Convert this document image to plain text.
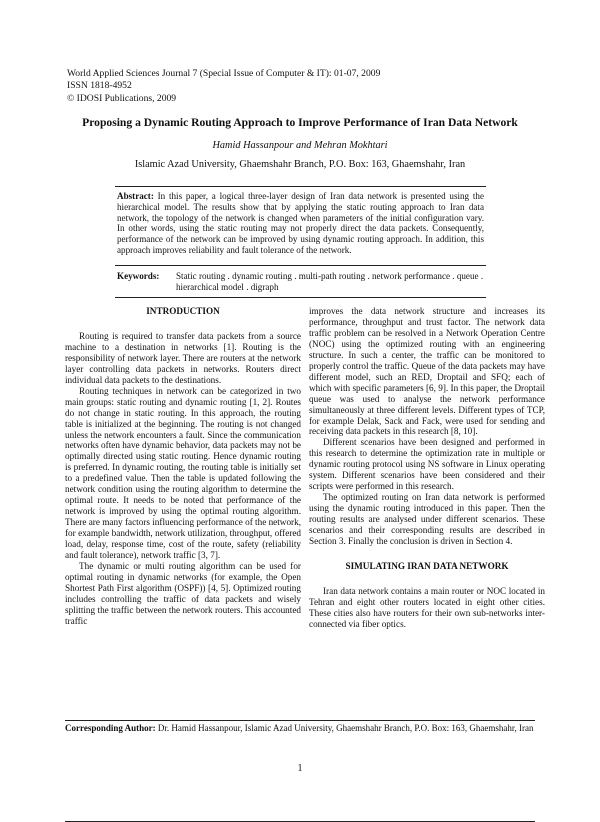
World Applied Sciences Journal 7 (Special Issue of Computer & IT): 01-07, 2009
ISSN 1818-4952
© IDOSI Publications, 2009
Proposing a Dynamic Routing Approach to Improve Performance of Iran Data Network
Hamid Hassanpour and Mehran Mokhtari
Islamic Azad University, Ghaemshahr Branch, P.O. Box: 163, Ghaemshahr, Iran
Abstract: In this paper, a logical three-layer design of Iran data network is presented using the hierarchical model. The results show that by applying the static routing approach to Iran data network, the topology of the network is changed when parameters of the initial configuration vary. In other words, using the static routing may not properly direct the data packets. Consequently, performance of the network can be improved by using dynamic routing approach. In addition, this approach improves reliability and fault tolerance of the network.
Keywords: Static routing . dynamic routing . multi-path routing . network performance . queue . hierarchical model . digraph

INTRODUCTION

Routing is required to transfer data packets from a source machine to a destination in networks [1]. Routing is the responsibility of network layer. There are routers at the network layer controlling data packets in networks. Routers direct individual data packets to the destinations.

Routing techniques in network can be categorized in two main groups: static routing and dynamic routing [1, 2]. Routes do not change in static routing. In this approach, the routing table is initialized at the beginning. The routing is not changed unless the network encounters a fault. Since the communication networks often have dynamic behavior, data packets may not be optimally directed using static routing. Hence dynamic routing is preferred. In dynamic routing, the routing table is initially set to a predefined value. Then the table is updated following the network condition using the routing algorithm to determine the optimal route. It needs to be noted that performance of the network is improved by using the optimal routing algorithm. There are many factors influencing performance of the network, for example bandwidth, network utilization, throughput, offered load, delay, response time, cost of the route, safety (reliability and fault tolerance), network traffic [3, 7].

The dynamic or multi routing algorithm can be used for optimal routing in dynamic networks (for example, the Open Shortest Path First algorithm (OSPF)) [4, 5]. Optimized routing includes controlling the traffic of data packets and wisely splitting the traffic between the network routers. This accounted traffic

improves the data network structure and increases its performance, throughput and trust factor. The network data traffic problem can be resolved in a Network Operation Centre (NOC) using the optimized routing with an engineering structure. In such a center, the traffic can be monitored to properly control the traffic. Queue of the data packets may have different model, such an RED, Droptail and SFQ; each of which with specific parameters [6, 9]. In this paper, the Droptail queue was used to analyse the network performance simultaneously at three different levels. Different types of TCP, for example Delak, Sack and Fack, were used for sending and receiving data packets in this research [8, 10].

Different scenarios have been designed and performed in this research to determine the optimization rate in multiple or dynamic routing protocol using NS software in Linux operating system. Different scenarios have been considered and their scripts were performed in this research.

The optimized routing on Iran data network is performed using the dynamic routing introduced in this paper. Then the routing results are analysed under different scenarios. These scenarios and their corresponding results are described in Section 3. Finally the conclusion is driven in Section 4.

SIMULATING IRAN DATA NETWORK

Iran data network contains a main router or NOC located in Tehran and eight other routers located in eight other cities. These cities also have routers for their own sub-networks inter-connected via fiber optics.

Corresponding Author: Dr. Hamid Hassanpour, Islamic Azad University, Ghaemshahr Branch, P.O. Box: 163, Ghaemshahr, Iran
1
